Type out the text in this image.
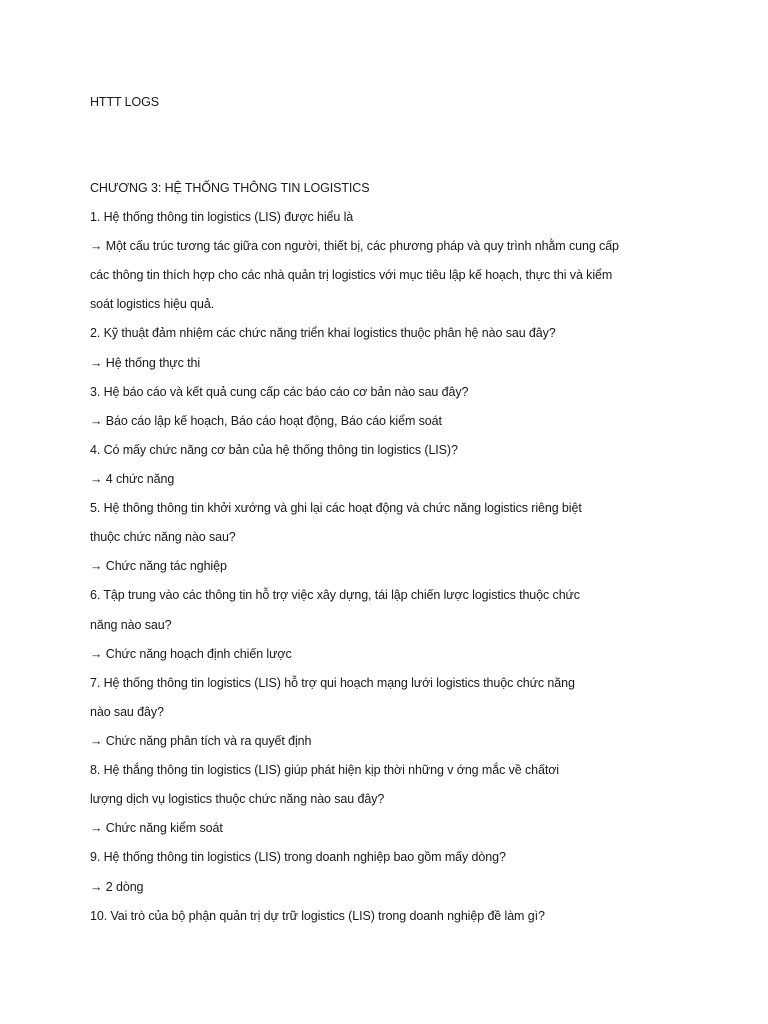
HTTT LOGS
CHƯƠNG 3: HỆ THỐNG THÔNG TIN LOGISTICS
1. Hệ thống thông tin logistics (LIS) được hiểu là
→ Một cấu trúc tương tác giữa con người, thiết bị, các phương pháp và quy trình nhằm cung cấp
các thông tin thích hợp cho các nhà quản trị logistics với mục tiêu lập kế hoạch, thực thi và kiểm
soát logistics hiệu quả.
2. Kỹ thuật đảm nhiệm các chức năng triển khai logistics thuộc phân hệ nào sau đây?
→ Hệ thống thực thi
3. Hệ báo cáo và kết quả cung cấp các báo cáo cơ bản nào sau đây?
→ Báo cáo lập kế hoạch, Báo cáo hoạt động, Báo cáo kiểm soát
4. Có mấy chức năng cơ bản của hệ thống thông tin logistics (LIS)?
→ 4 chức năng
5. Hệ thông thông tin khởi xướng và ghi lại các hoạt động và chức năng logistics riêng biệt
thuộc chức năng nào sau?
→ Chức năng tác nghiệp
6. Tập trung vào các thông tin hỗ trợ việc xây dựng, tái lập chiến lược logistics thuộc chức
năng nào sau?
→ Chức năng hoạch định chiến lược
7. Hệ thống thông tin logistics (LIS) hỗ trợ qui hoạch mạng lưới logistics thuộc chức năng
nào sau đây?
→ Chức năng phân tích và ra quyết định
8. Hệ thắng thông tin logistics (LIS) giúp phát hiện kịp thời những v ớng mắc về chấtơi
lượng dịch vụ logistics thuộc chức năng nào sau đây?
→ Chức năng kiểm soát
9. Hệ thống thông tin logistics (LIS) trong doanh nghiệp bao gồm mấy dòng?
→ 2 dòng
10. Vai trò của bộ phận quản trị dự trữ logistics (LIS) trong doanh nghiệp đề làm gì?
